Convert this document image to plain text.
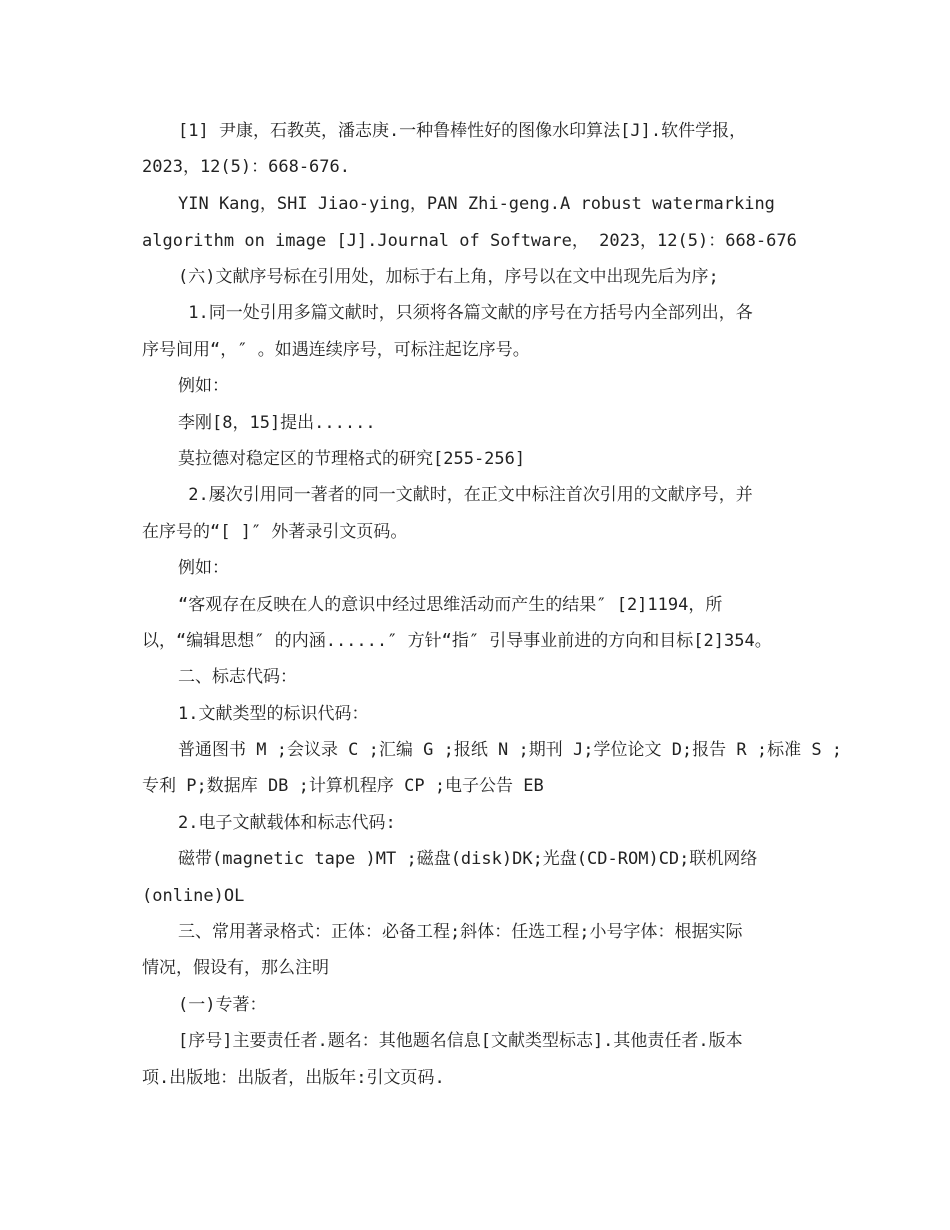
[1] 尹康，石教英，潘志庚.一种鲁棒性好的图像水印算法[J].软件学报，
2023，12(5)：668-676.
YIN Kang，SHI Jiao-ying，PAN Zhi-geng.A robust watermarking
algorithm on image [J].Journal of Software， 2023，12(5)：668-676
(六)文献序号标在引用处，加标于右上角，序号以在文中出现先后为序;
1.同一处引用多篇文献时，只须将各篇文献的序号在方括号内全部列出，各
序号间用“，″ 。如遇连续序号，可标注起讫序号。
例如：
李刚[8，15]提出......
莫拉德对稳定区的节理格式的研究[255-256]
2.屡次引用同一著者的同一文献时，在正文中标注首次引用的文献序号，并
在序号的“[ ]″ 外著录引文页码。
例如：
“客观存在反映在人的意识中经过思维活动而产生的结果″ [2]1194，所
以，“编辑思想″ 的内涵......″ 方针“指″ 引导事业前进的方向和目标[2]354。
二、标志代码：
1.文献类型的标识代码：
普通图书 M ;会议录 C ;汇编 G ;报纸 N ;期刊 J;学位论文 D;报告 R ;标准 S ;
专利 P;数据库 DB ;计算机程序 CP ;电子公告 EB
2.电子文献载体和标志代码:
磁带(magnetic tape )MT ;磁盘(disk)DK;光盘(CD-ROM)CD;联机网络
(online)OL
三、常用著录格式：正体：必备工程;斜体：任选工程;小号字体：根据实际
情况，假设有，那么注明
(一)专著：
[序号]主要责任者.题名：其他题名信息[文献类型标志].其他责任者.版本
项.出版地：出版者，出版年:引文页码.
